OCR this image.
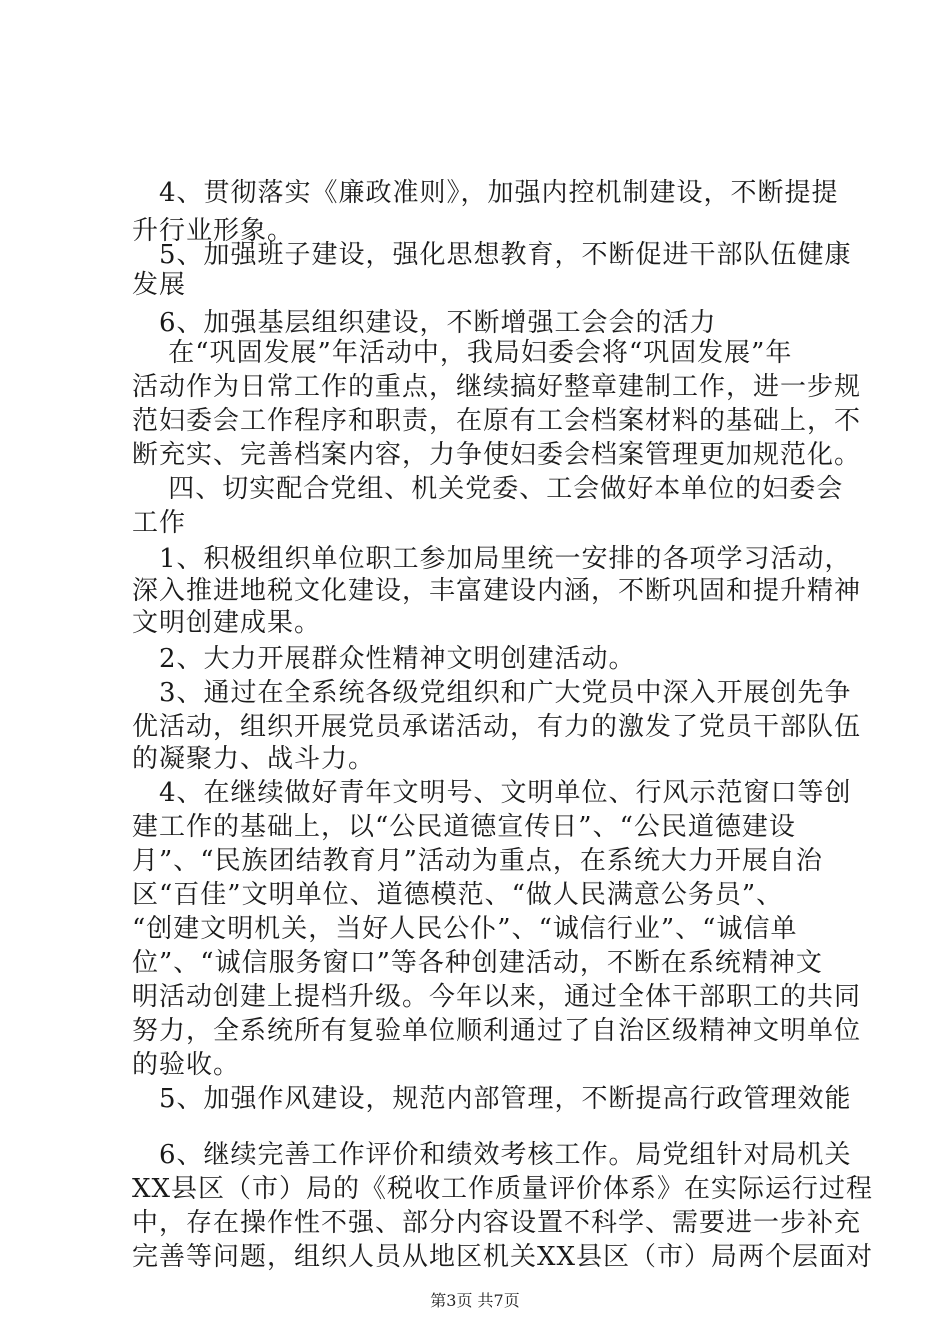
　4、贯彻落实《廉政准则》，加强内控机制建设，不断提提
升行业形象。
　5、加强班子建设，强化思想教育，不断促进干部队伍健康
发展
　6、加强基层组织建设，不断增强工会会的活力
　 在“巩固发展”年活动中，我局妇委会将“巩固发展”年
活动作为日常工作的重点，继续搞好整章建制工作，进一步规
范妇委会工作程序和职责，在原有工会档案材料的基础上，不
断充实、完善档案内容，力争使妇委会档案管理更加规范化。
　 四、切实配合党组、机关党委、工会做好本单位的妇委会
工作
　1、积极组织单位职工参加局里统一安排的各项学习活动，
深入推进地税文化建设，丰富建设内涵，不断巩固和提升精神
文明创建成果。
　2、大力开展群众性精神文明创建活动。
　3、通过在全系统各级党组织和广大党员中深入开展创先争
优活动，组织开展党员承诺活动，有力的激发了党员干部队伍
的凝聚力、战斗力。
　4、在继续做好青年文明号、文明单位、行风示范窗口等创
建工作的基础上，以“公民道德宣传日”、“公民道德建设
月”、“民族团结教育月”活动为重点，在系统大力开展自治
区“百佳”文明单位、道德模范、“做人民满意公务员”、
“创建文明机关，当好人民公仆”、“诚信行业”、“诚信单
位”、“诚信服务窗口”等各种创建活动，不断在系统精神文
明活动创建上提档升级。今年以来，通过全体干部职工的共同
努力，全系统所有复验单位顺利通过了自治区级精神文明单位
的验收。
　5、加强作风建设，规范内部管理，不断提高行政管理效能
　6、继续完善工作评价和绩效考核工作。局党组针对局机关
XX县区（市）局的《税收工作质量评价体系》在实际运行过程
中，存在操作性不强、部分内容设置不科学、需要进一步补充
完善等问题，组织人员从地区机关XX县区（市）局两个层面对
第3页 共7页
